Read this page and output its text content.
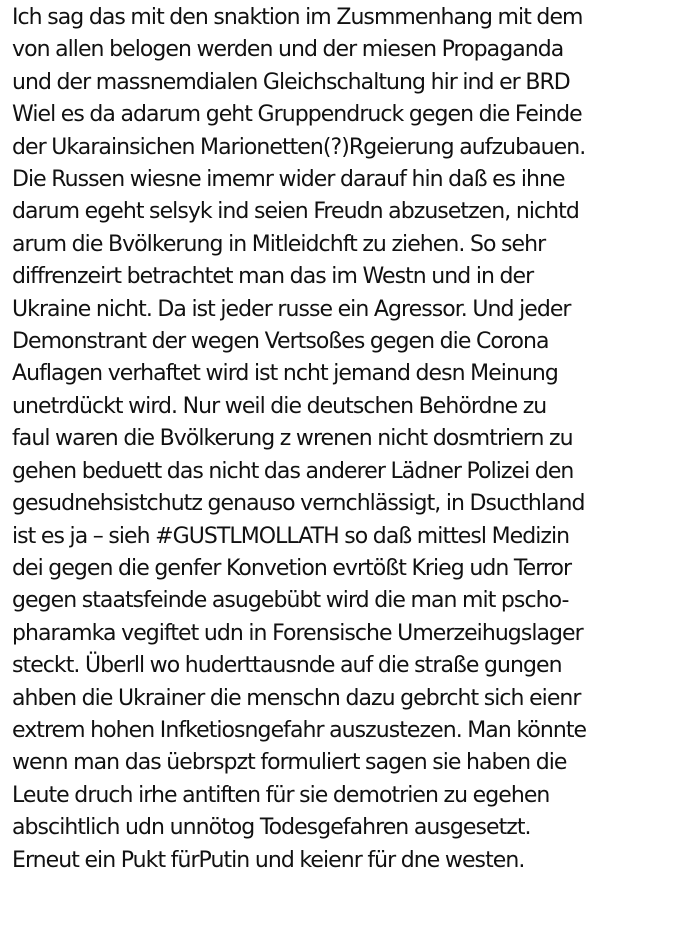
Ich sag das mit den snaktion im Zusmmenhang mit dem
von allen belogen werden und der miesen Propaganda
und der massnemdialen Gleichschaltung hir ind er BRD
Wiel es da adarum geht Gruppendruck gegen die Feinde
der Ukarainsichen Marionetten(?)Rgeierung aufzubauen.
Die Russen wiesne imemr wider darauf hin daß es ihne
darum egeht selsyk ind seien Freudn abzusetzen, nichtd
arum die Bvölkerung in Mitleidchft zu ziehen. So sehr
diffrenzeirt betrachtet man das im Westn und in der
Ukraine nicht. Da ist jeder russe ein Agressor. Und jeder
Demonstrant der wegen Vertsoßes gegen die Corona
Auflagen verhaftet wird ist ncht jemand desn Meinung
unetrdückt wird. Nur weil die deutschen Behördne zu
faul waren die Bvölkerung z wrenen nicht dosmtriern zu
gehen beduett das nicht das anderer Lädner Polizei den
gesudnehsistchutz genauso vernchlässigt, in Dsucthland
ist es ja – sieh #GUSTLMOLLATH so daß mittesl Medizin
dei gegen die genfer Konvetion evrtößt Krieg udn Terror
gegen staatsfeinde asugebübt wird die man mit pscho-
pharamka vegiftet udn in Forensische Umerzeihugslager
steckt. Überll wo huderttausnde auf die straße gungen
ahben die Ukrainer die menschn dazu gebrcht sich eienr
extrem hohen Infketiosngefahr auszustezen. Man könnte
wenn man das üebrspzt formuliert sagen sie haben die
Leute druch irhe antiften für sie demotrien zu egehen
abscihtlich udn unnötog Todesgefahren ausgesetzt.
Erneut ein Pukt fürPutin und keienr für dne westen.
